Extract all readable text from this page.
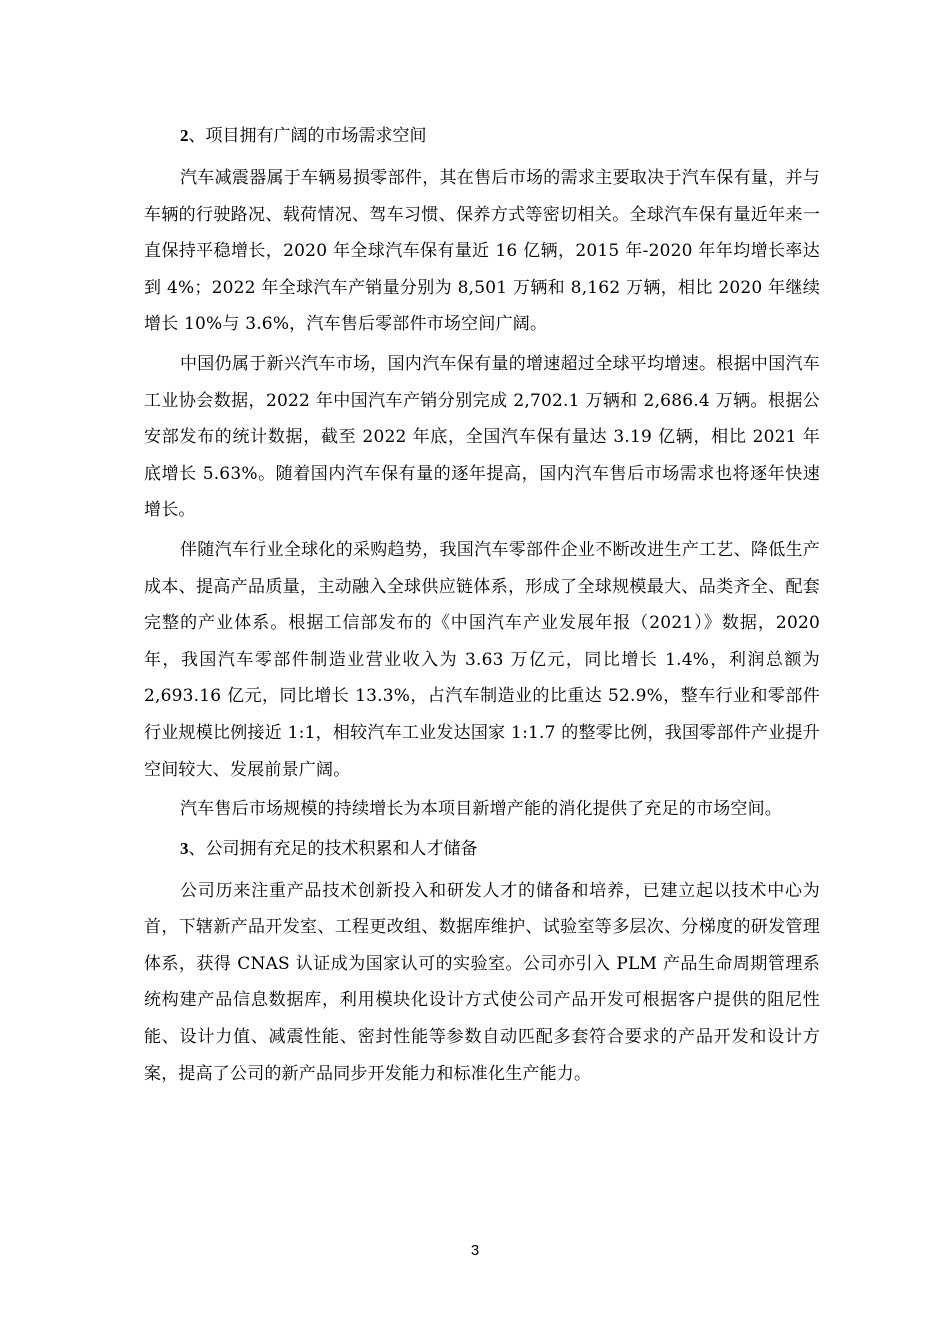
2、项目拥有广阔的市场需求空间

汽车减震器属于车辆易损零部件，其在售后市场的需求主要取决于汽车保有量，并与车辆的行驶路况、载荷情况、驾车习惯、保养方式等密切相关。全球汽车保有量近年来一直保持平稳增长，2020 年全球汽车保有量近 16 亿辆，2015 年-2020 年年均增长率达到 4%；2022 年全球汽车产销量分别为 8,501 万辆和 8,162 万辆，相比 2020 年继续增长 10%与 3.6%，汽车售后零部件市场空间广阔。

中国仍属于新兴汽车市场，国内汽车保有量的增速超过全球平均增速。根据中国汽车工业协会数据，2022 年中国汽车产销分别完成 2,702.1 万辆和 2,686.4 万辆。根据公安部发布的统计数据，截至 2022 年底，全国汽车保有量达 3.19 亿辆，相比 2021 年底增长 5.63%。随着国内汽车保有量的逐年提高，国内汽车售后市场需求也将逐年快速增长。

伴随汽车行业全球化的采购趋势，我国汽车零部件企业不断改进生产工艺、降低生产成本、提高产品质量，主动融入全球供应链体系，形成了全球规模最大、品类齐全、配套完整的产业体系。根据工信部发布的《中国汽车产业发展年报（2021）》数据，2020 年，我国汽车零部件制造业营业收入为 3.63 万亿元，同比增长 1.4%，利润总额为 2,693.16 亿元，同比增长 13.3%，占汽车制造业的比重达 52.9%，整车行业和零部件行业规模比例接近 1:1，相较汽车工业发达国家 1:1.7 的整零比例，我国零部件产业提升空间较大、发展前景广阔。

汽车售后市场规模的持续增长为本项目新增产能的消化提供了充足的市场空间。

3、公司拥有充足的技术积累和人才储备

公司历来注重产品技术创新投入和研发人才的储备和培养，已建立起以技术中心为首，下辖新产品开发室、工程更改组、数据库维护、试验室等多层次、分梯度的研发管理体系，获得 CNAS 认证成为国家认可的实验室。公司亦引入 PLM 产品生命周期管理系统构建产品信息数据库，利用模块化设计方式使公司产品开发可根据客户提供的阻尼性能、设计力值、减震性能、密封性能等参数自动匹配多套符合要求的产品开发和设计方案，提高了公司的新产品同步开发能力和标准化生产能力。

3
